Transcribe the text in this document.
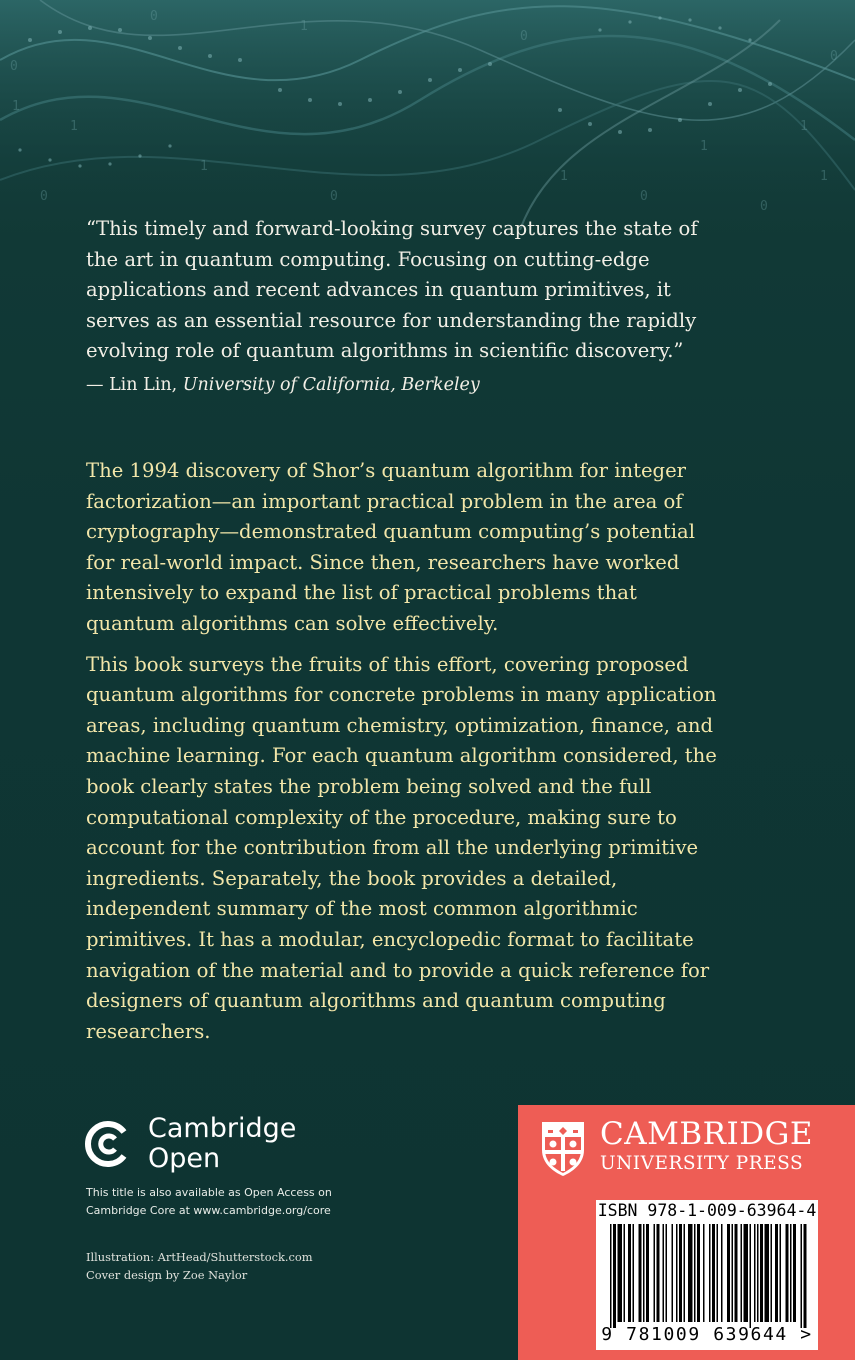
0
1
0
1
0
1
1
0
0
1
0
1
0
1
0
1

“This timely and forward-looking survey captures the state of the art in quantum computing. Focusing on cutting-edge applications and recent advances in quantum primitives, it serves as an essential resource for understanding the rapidly evolving role of quantum algorithms in scientific discovery.”

— Lin Lin, University of California, Berkeley

The 1994 discovery of Shor’s quantum algorithm for integer factorization—an important practical problem in the area of cryptography—demonstrated quantum computing’s potential for real-world impact. Since then, researchers have worked intensively to expand the list of practical problems that quantum algorithms can solve effectively.

This book surveys the fruits of this effort, covering proposed quantum algorithms for concrete problems in many application areas, including quantum chemistry, optimization, finance, and machine learning. For each quantum algorithm considered, the book clearly states the problem being solved and the full computational complexity of the procedure, making sure to account for the contribution from all the underlying primitive ingredients. Separately, the book provides a detailed, independent summary of the most common algorithmic primitives. It has a modular, encyclopedic format to facilitate navigation of the material and to provide a quick reference for designers of quantum algorithms and quantum computing researchers.

Cambridge
Open
This title is also available as Open Access on
Cambridge Core at www.cambridge.org/core
Illustration: ArtHead/Shutterstock.com
Cover design by Zoe Naylor
CAMBRIDGE
UNIVERSITY PRESS
ISBN 978-1-009-63964-4
9 781009 639644 >
